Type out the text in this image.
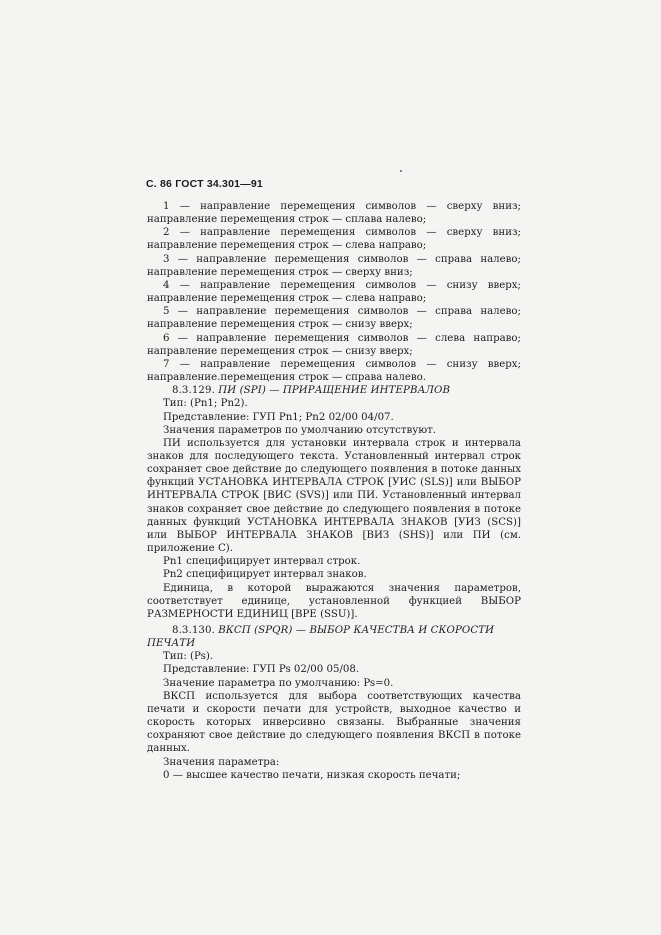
С. 86 ГОСТ 34.301—91

1 — направление перемещения символов — сверху вниз; направление перемещения строк — сплава налево;

2 — направление перемещения символов — сверху вниз; направление перемещения строк — слева направо;

3 — направление перемещения символов — справа налево; направление перемещения строк — сверху вниз;

4 — направление перемещения символов — снизу вверх; направление перемещения строк — слева направо;

5 — направление перемещения символов — справа налево; направление перемещения строк — снизу вверх;

6 — направление перемещения символов — слева направо; направление перемещения строк — снизу вверх;

7 — направление перемещения символов — снизу вверх; направление.перемещения строк — справа налево.

8.3.129. ПИ (SPI) — ПРИРАЩЕНИЕ ИНТЕРВАЛОВ

Тип: (Pn1; Pn2).

Представление: ГУП Pn1; Pn2 02/00 04/07.

Значения параметров по умолчанию отсутствуют.

ПИ используется для установки интервала строк и интервала знаков для последующего текста. Установленный интервал строк сохраняет свое действие до следующего появления в потоке данных функций УСТАНОВКА ИНТЕРВАЛА СТРОК [УИС (SLS)] или ВЫБОР ИНТЕРВАЛА СТРОК [ВИС (SVS)] или ПИ. Установленный интервал знаков сохраняет свое действие до следующего появления в потоке данных функций УСТАНОВКА ИНТЕРВАЛА ЗНАКОВ [УИЗ (SCS)] или ВЫБОР ИНТЕРВАЛА ЗНАКОВ [ВИЗ (SHS)] или ПИ (см. приложение С).

Pn1 специфицирует интервал строк.

Pn2 специфицирует интервал знаков.

Единица, в которой выражаются значения параметров, соответствует единице, установленной функцией ВЫБОР РАЗМЕРНОСТИ ЕДИНИЦ [ВРЕ (SSU)].

8.3.130. ВКСП (SPQR) — ВЫБОР КАЧЕСТВА И СКОРОСТИ ПЕЧАТИ

Тип: (Ps).

Представление: ГУП Ps 02/00 05/08.

Значение параметра по умолчанию: Ps=0.

ВКСП используется для выбора соответствующих качества печати и скорости печати для устройств, выходное качество и скорость которых инверсивно связаны. Выбранные значения сохраняют свое действие до следующего появления ВКСП в потоке данных.

Значения параметра:

0 — высшее качество печати, низкая скорость печати;
